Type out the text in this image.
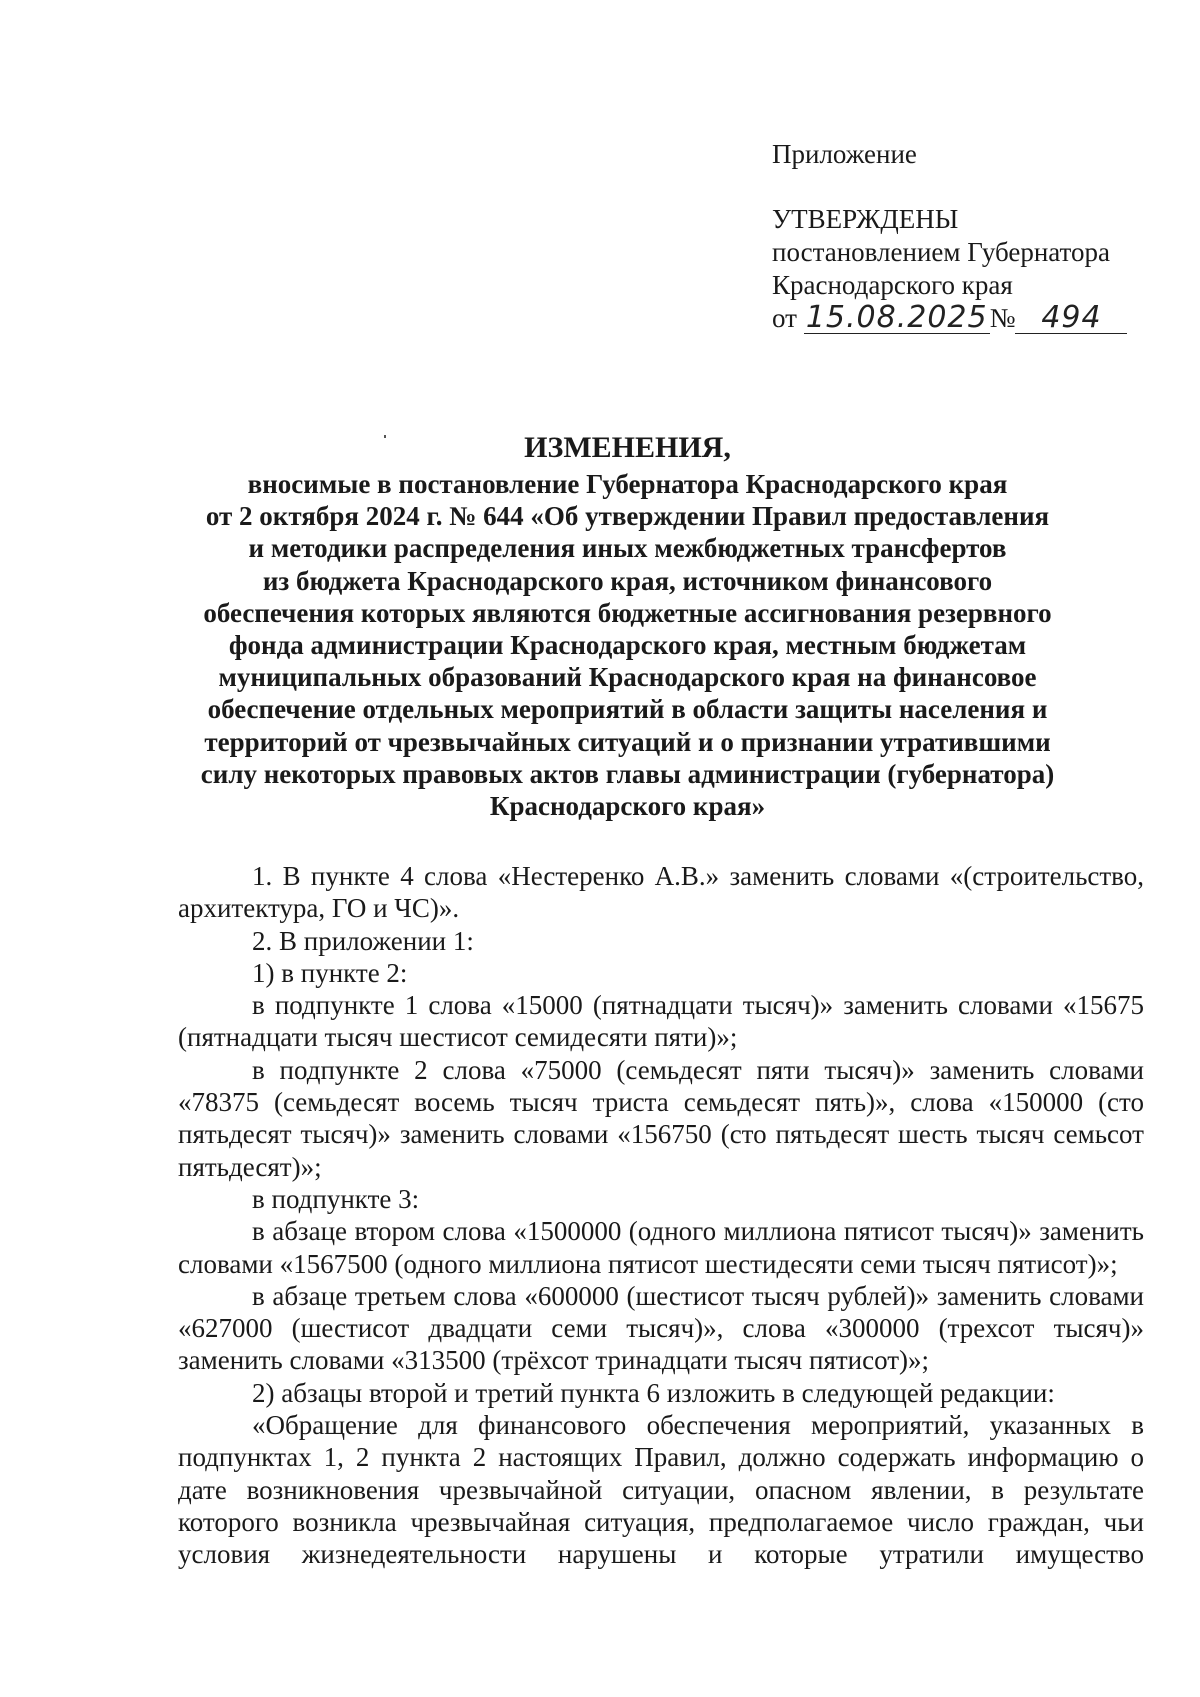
Приложение
УТВЕРЖДЕНЫ
постановлением Губернатора
Краснодарского края
от 15.08.2025№ 494
ИЗМЕНЕНИЯ,
вносимые в постановление Губернатора Краснодарского края
от 2 октября 2024 г. № 644 «Об утверждении Правил предоставления
и методики распределения иных межбюджетных трансфертов
из бюджета Краснодарского края, источником финансового
обеспечения которых являются бюджетные ассигнования резервного
фонда администрации Краснодарского края, местным бюджетам
муниципальных образований Краснодарского края на финансовое
обеспечение отдельных мероприятий в области защиты населения и
территорий от чрезвычайных ситуаций и о признании утратившими
силу некоторых правовых актов главы администрации (губернатора)
Краснодарского края»

1. В пункте 4 слова «Нестеренко А.В.» заменить словами «(строительство, архитектура, ГО и ЧС)».

2. В приложении 1:

1) в пункте 2:

в подпункте 1 слова «15000 (пятнадцати тысяч)» заменить словами «15675 (пятнадцати тысяч шестисот семидесяти пяти)»;

в подпункте 2 слова «75000 (семьдесят пяти тысяч)» заменить словами «78375 (семьдесят восемь тысяч триста семьдесят пять)», слова «150000 (сто пятьдесят тысяч)» заменить словами «156750 (сто пятьдесят шесть тысяч семьсот пятьдесят)»;

в подпункте 3:

в абзаце втором слова «1500000 (одного миллиона пятисот тысяч)» заменить словами «1567500 (одного миллиона пятисот шестидесяти семи тысяч пятисот)»;

в абзаце третьем слова «600000 (шестисот тысяч рублей)» заменить словами «627000 (шестисот двадцати семи тысяч)», слова «300000 (трехсот тысяч)» заменить словами «313500 (трёхсот тринадцати тысяч пятисот)»;

2) абзацы второй и третий пункта 6 изложить в следующей редакции:

«Обращение для финансового обеспечения мероприятий, указанных в подпунктах 1, 2 пункта 2 настоящих Правил, должно содержать информацию о дате возникновения чрезвычайной ситуации, опасном явлении, в результате которого возникла чрезвычайная ситуация, предполагаемое число граждан, чьи условия жизнедеятельности нарушены и которые утратили имущество
